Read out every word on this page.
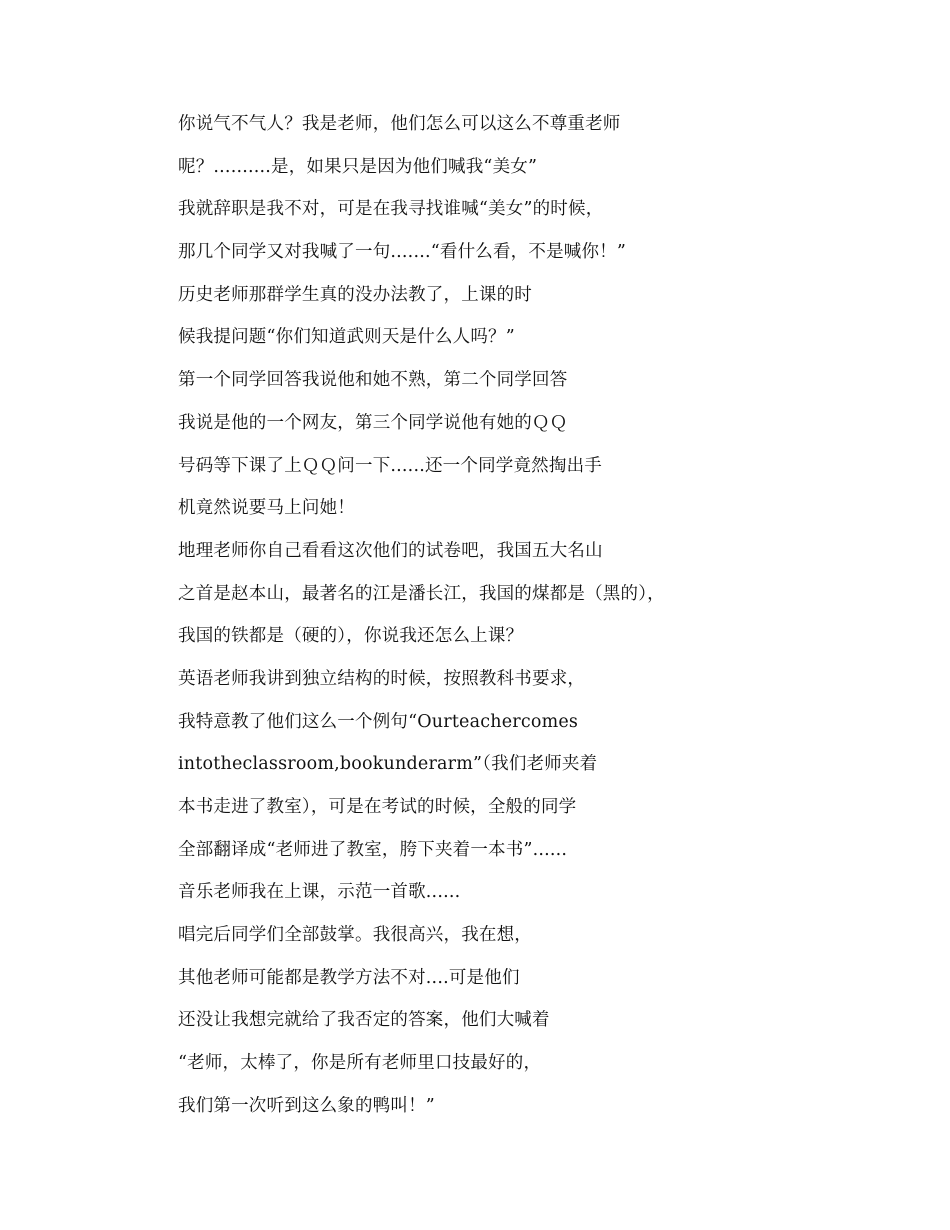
你说气不气人？我是老师，他们怎么可以这么不尊重老师
呢？..........是，如果只是因为他们喊我“美女”
我就辞职是我不对，可是在我寻找谁喊“美女”的时候，
那几个同学又对我喊了一句.......“看什么看，不是喊你！”
历史老师那群学生真的没办法教了，上课的时
候我提问题“你们知道武则天是什么人吗？”
第一个同学回答我说他和她不熟，第二个同学回答
我说是他的一个网友，第三个同学说他有她的ＱＱ
号码等下课了上ＱＱ问一下......还一个同学竟然掏出手
机竟然说要马上问她！
地理老师你自己看看这次他们的试卷吧，我国五大名山
之首是赵本山，最著名的江是潘长江，我国的煤都是（黑的），
我国的铁都是（硬的），你说我还怎么上课？
英语老师我讲到独立结构的时候，按照教科书要求，
我特意教了他们这么一个例句“Ourteachercomes
intotheclassroom,bookunderarm”（我们老师夹着
本书走进了教室），可是在考试的时候，全般的同学
全部翻译成“老师进了教室，胯下夹着一本书”......
音乐老师我在上课，示范一首歌......
唱完后同学们全部鼓掌。我很高兴，我在想，
其他老师可能都是教学方法不对....可是他们
还没让我想完就给了我否定的答案，他们大喊着
“老师，太棒了，你是所有老师里口技最好的，
我们第一次听到这么象的鸭叫！”
